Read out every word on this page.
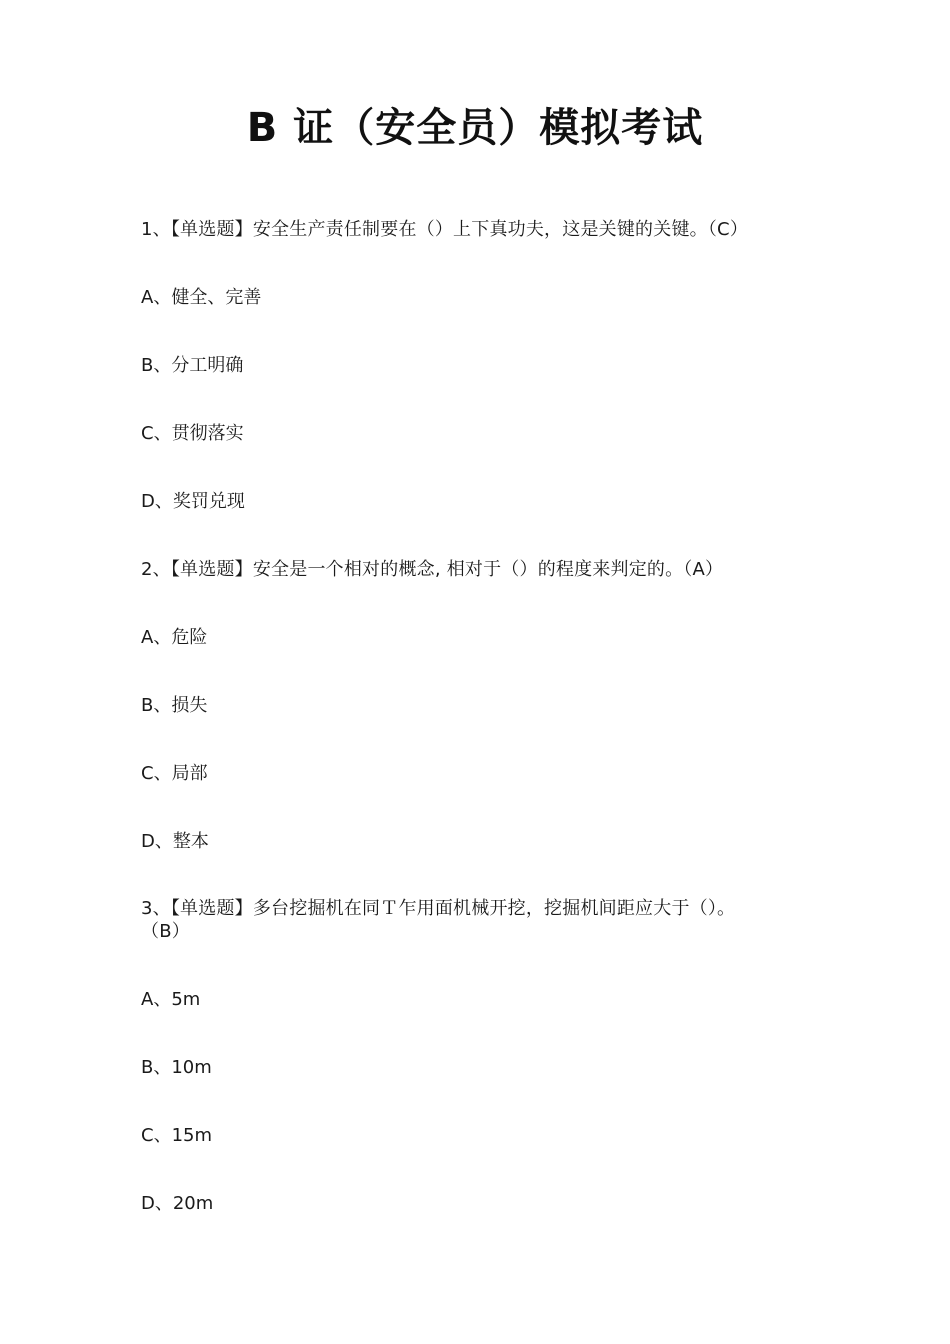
B 证（安全员）模拟考试
1、【单选题】安全生产责任制要在（）上下真功夫，这是关键的关键。（C）
A、健全、完善
B、分工明确
C、贯彻落实
D、奖罚兑现
2、【单选题】安全是一个相对的概念, 相对于（）的程度来判定的。（A）
A、危险
B、损失
C、局部
D、整本
3、【单选题】多台挖掘机在同Ｔ乍用面机械开挖，挖掘机间距应大于（）。
（B）
A、5m
B、10m
C、15m
D、20m
